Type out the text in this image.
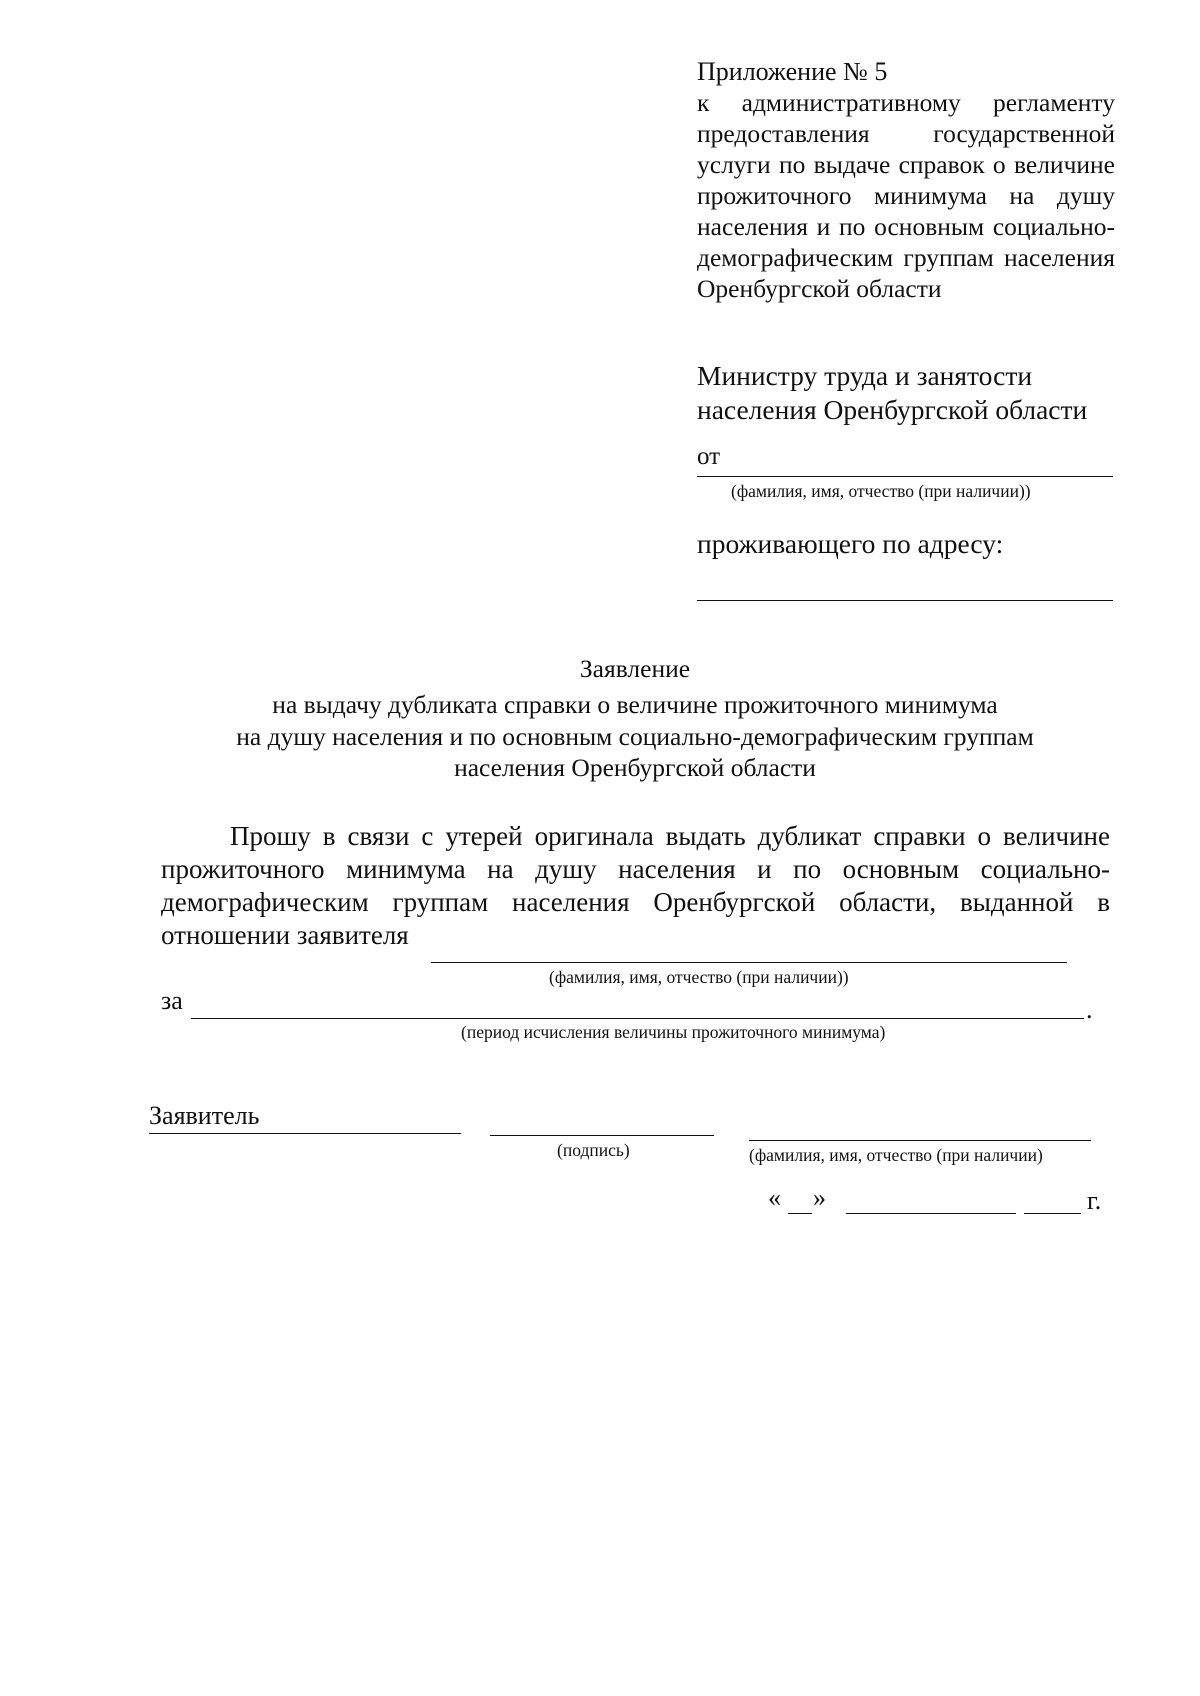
Приложение № 5
к административному регламенту
предоставления государственной
услуги по выдаче справок о величине
прожиточного минимума на душу
населения и по основным социально-
демографическим группам населения
Оренбургской области
Министру труда и занятости
населения Оренбургской области
от
(фамилия, имя, отчество (при наличии))
проживающего по адресу:
Заявление
на выдачу дубликата справки о величине прожиточного минимума
на душу населения и по основным социально-демографическим группам
населения Оренбургской области
Прошу в связи с утерей оригинала выдать дубликат справки о величине
прожиточного минимума на душу населения и по основным социально-
демографическим группам населения Оренбургской области, выданной в
отношении заявителя
(фамилия, имя, отчество (при наличии))
за	.
(период исчисления величины прожиточного минимума)
Заявитель
(подпись)	(фамилия, имя, отчество (при наличии)
« »	г.
